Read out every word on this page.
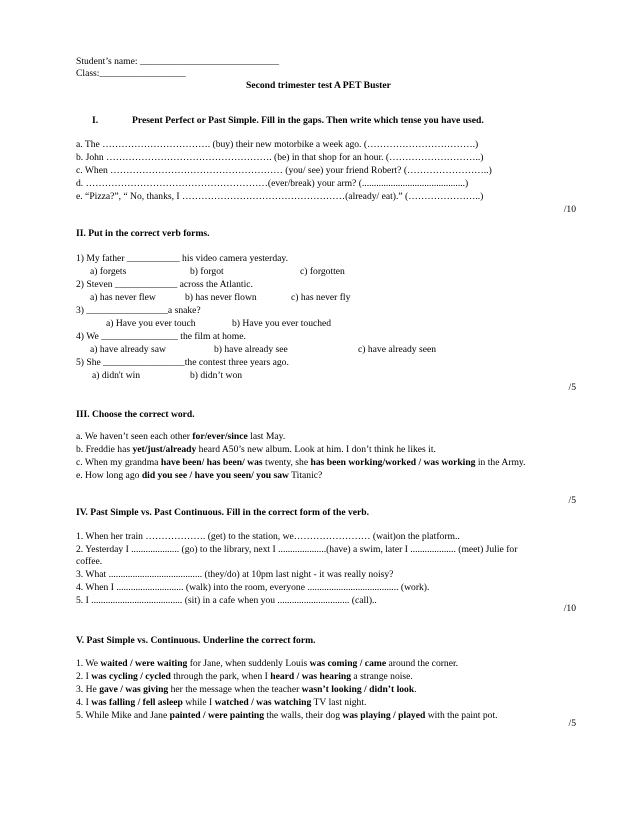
Student’s name: _____________________________
Class:__________________
Second trimester test A PET Buster
I.	Present Perfect or Past Simple. Fill in the gaps. Then write which tense you have used.
a. The ……………………………. (buy) their new motorbike a week ago. (…………………………….)
b. John ……………………………………………. (be) in that shop for an hour. (………………………..)
c. When ……………………………………………… (you/ see) your friend Robert? (……………………..)
d. …………………………………………………(ever/break) your arm? (...........................................)
e. “Pizza?”, “ No, thanks, I ……………………………………………(already/ eat).” (…………………..)
/10
II. Put in the correct verb forms.
1) My father ___________ his video camera yesterday.
a) forgets	b) forgot	c) forgotten
2) Steven _____________ across the Atlantic.
a) has never flew	b) has never flown	c) has never fly
3) _________________a snake?
a) Have you ever touch	b) Have you ever touched
4) We ________________ the film at home.
a) have already saw	b) have already see	c) have already seen
5) She _________________the contest three years ago.
a) didn't win	b) didn’t won
/5
III. Choose the correct word.
a. We haven’t seen each other for/ever/since last May.
b. Freddie has yet/just/already heard A50’s new album. Look at him. I don’t think he likes it.
c. When my grandma have been/ has been/ was twenty, she has been working/worked / was working in the Army.
e. How long ago did you see / have you seen/ you saw Titanic?
/5
IV. Past Simple vs. Past Continuous. Fill in the correct form of the verb.
1. When her train ………………. (get) to the station, we…………………… (wait)on the platform..
2. Yesterday I .................... (go) to the library, next I ....................(have) a swim, later I ................... (meet) Julie for
coffee.
3. What ....................................... (they/do) at 10pm last night - it was really noisy?
4. When I ............................ (walk) into the room, everyone ...................................... (work).
5. I ...................................... (sit) in a cafe when you .............................. (call)..
/10
V. Past Simple vs. Continuous. Underline the correct form.
1. We waited / were waiting for Jane, when suddenly Louis was coming / came around the corner.
2. I was cycling / cycled through the park, when I heard / was hearing a strange noise.
3. He gave / was giving her the message when the teacher wasn’t looking / didn’t look.
4. I was falling / fell asleep while I watched / was watching TV last night.
5. While Mike and Jane painted / were painting the walls, their dog was playing / played with the paint pot.
/5
